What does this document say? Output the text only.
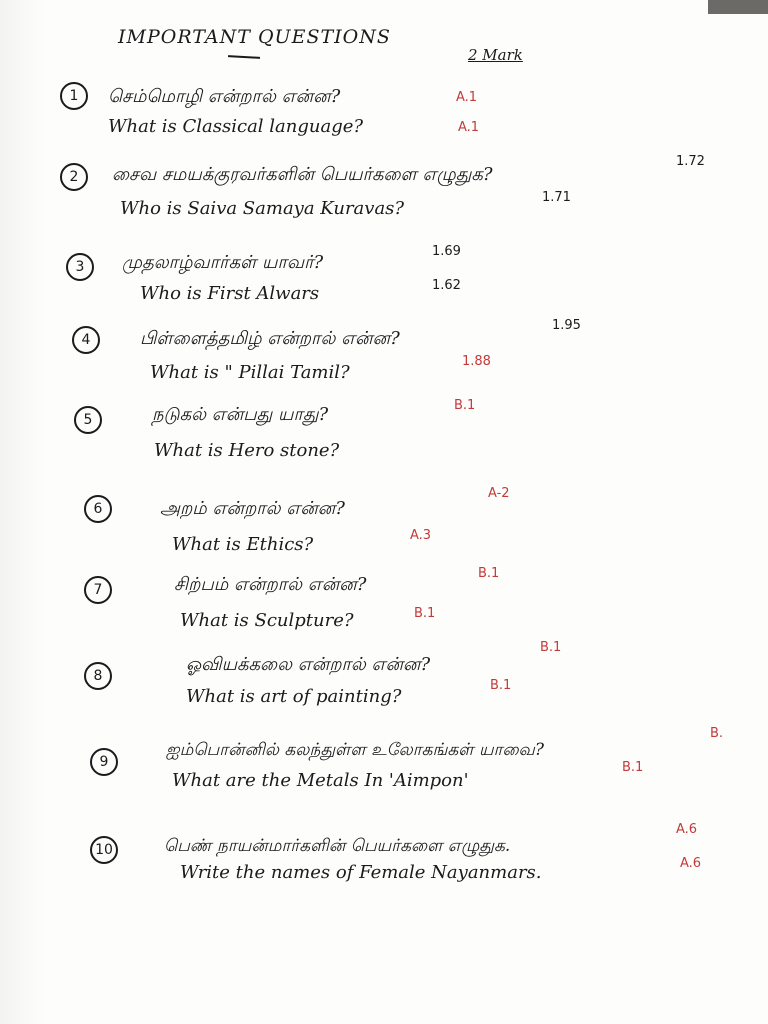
IMPORTANT QUESTIONS
2 Mark
1	செம்மொழி என்றால் என்ன?	A.1
What is Classical language?	A.1
2	சைவ சமயக்குரவர்களின் பெயர்களை எழுதுக?
1.72
Who is Saiva Samaya Kuravas?
1.71
3	முதலாழ்வார்கள் யாவர்?
1.69
Who is First Alwars	1.62
4	பிள்ளைத்தமிழ் என்றால் என்ன?
1.95
What is " Pillai Tamil?
1.88
5	நடுகல் என்பது யாது?	B.1
What is Hero stone?
6	அறம் என்றால் என்ன?
A-2
What is Ethics?	A.3
7	சிற்பம் என்றால் என்ன?
B.1
What is Sculpture?	B.1
8
ஓவியக்கலை என்றால் என்ன?
B.1
What is art of painting?
B.1
9
ஐம்பொன்னில் கலந்துள்ள உலோகங்கள் யாவை?
B.
What are the Metals In 'Aimpon'
B.1
10	பெண் நாயன்மார்களின் பெயர்களை எழுதுக.
A.6
Write the names of Female Nayanmars.	A.6
